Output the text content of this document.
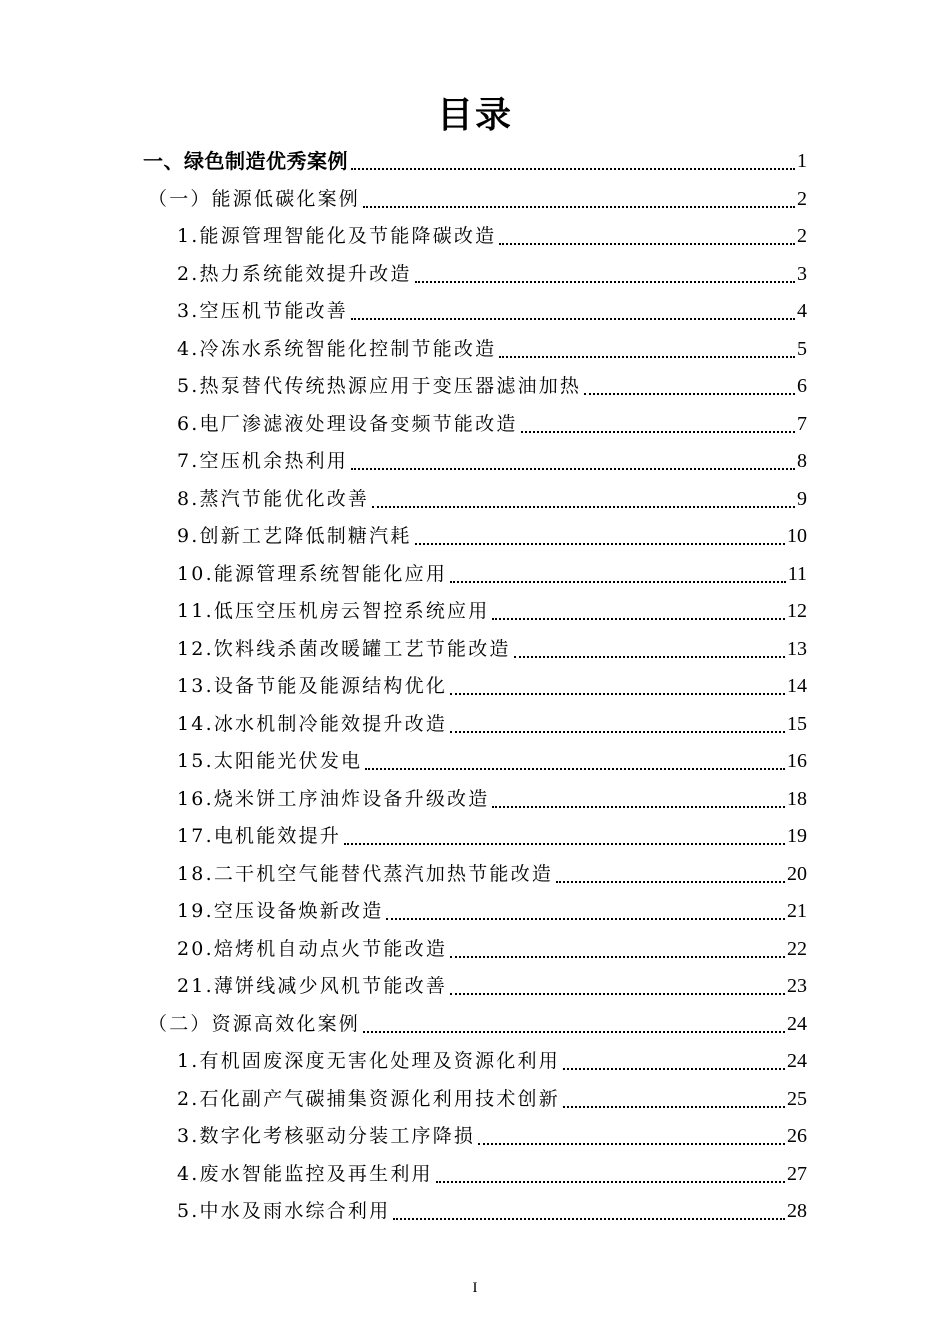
目录
一、绿色制造优秀案例	1
（一）能源低碳化案例	2
1.能源管理智能化及节能降碳改造	2
2.热力系统能效提升改造	3
3.空压机节能改善	4
4.冷冻水系统智能化控制节能改造	5
5.热泵替代传统热源应用于变压器滤油加热	6
6.电厂渗滤液处理设备变频节能改造	7
7.空压机余热利用	8
8.蒸汽节能优化改善	9
9.创新工艺降低制糖汽耗	10
10.能源管理系统智能化应用	11
11.低压空压机房云智控系统应用	12
12.饮料线杀菌改暖罐工艺节能改造	13
13.设备节能及能源结构优化	14
14.冰水机制冷能效提升改造	15
15.太阳能光伏发电	16
16.烧米饼工序油炸设备升级改造	18
17.电机能效提升	19
18.二干机空气能替代蒸汽加热节能改造	20
19.空压设备焕新改造	21
20.焙烤机自动点火节能改造	22
21.薄饼线减少风机节能改善	23
（二）资源高效化案例	24
1.有机固废深度无害化处理及资源化利用	24
2.石化副产气碳捕集资源化利用技术创新	25
3.数字化考核驱动分装工序降损	26
4.废水智能监控及再生利用	27
5.中水及雨水综合利用	28
I
